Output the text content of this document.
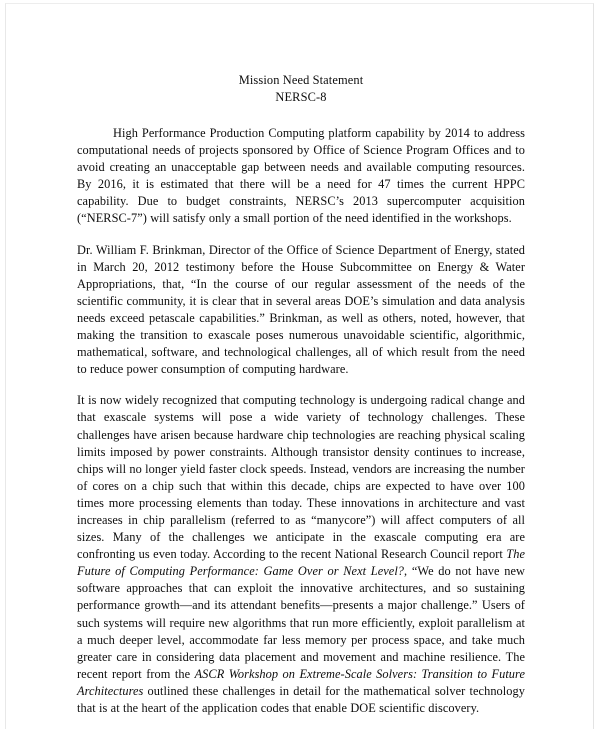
Mission Need Statement
NERSC-8

High Performance Production Computing platform capability by 2014 to address computational needs of projects sponsored by Office of Science Program Offices and to avoid creating an unacceptable gap between needs and available computing resources. By 2016, it is estimated that there will be a need for 47 times the current HPPC capability. Due to budget constraints, NERSC’s 2013 supercomputer acquisition (“NERSC-7”) will satisfy only a small portion of the need identified in the workshops.

Dr. William F. Brinkman, Director of the Office of Science Department of Energy, stated in March 20, 2012 testimony before the House Subcommittee on Energy & Water Appropriations, that, “In the course of our regular assessment of the needs of the scientific community, it is clear that in several areas DOE’s simulation and data analysis needs exceed petascale capabilities.” Brinkman, as well as others, noted, however, that making the transition to exascale poses numerous unavoidable scientific, algorithmic, mathematical, software, and technological challenges, all of which result from the need to reduce power consumption of computing hardware.

It is now widely recognized that computing technology is undergoing radical change and that exascale systems will pose a wide variety of technology challenges. These challenges have arisen because hardware chip technologies are reaching physical scaling limits imposed by power constraints. Although transistor density continues to increase, chips will no longer yield faster clock speeds. Instead, vendors are increasing the number of cores on a chip such that within this decade, chips are expected to have over 100 times more processing elements than today. These innovations in architecture and vast increases in chip parallelism (referred to as “manycore”) will affect computers of all sizes. Many of the challenges we anticipate in the exascale computing era are confronting us even today. According to the recent National Research Council report The Future of Computing Performance: Game Over or Next Level?, “We do not have new software approaches that can exploit the innovative architectures, and so sustaining performance growth—and its attendant benefits—presents a major challenge.” Users of such systems will require new algorithms that run more efficiently, exploit parallelism at a much deeper level, accommodate far less memory per process space, and take much greater care in considering data placement and movement and machine resilience. The recent report from the ASCR Workshop on Extreme-Scale Solvers: Transition to Future Architectures outlined these challenges in detail for the mathematical solver technology that is at the heart of the application codes that enable DOE scientific discovery.
